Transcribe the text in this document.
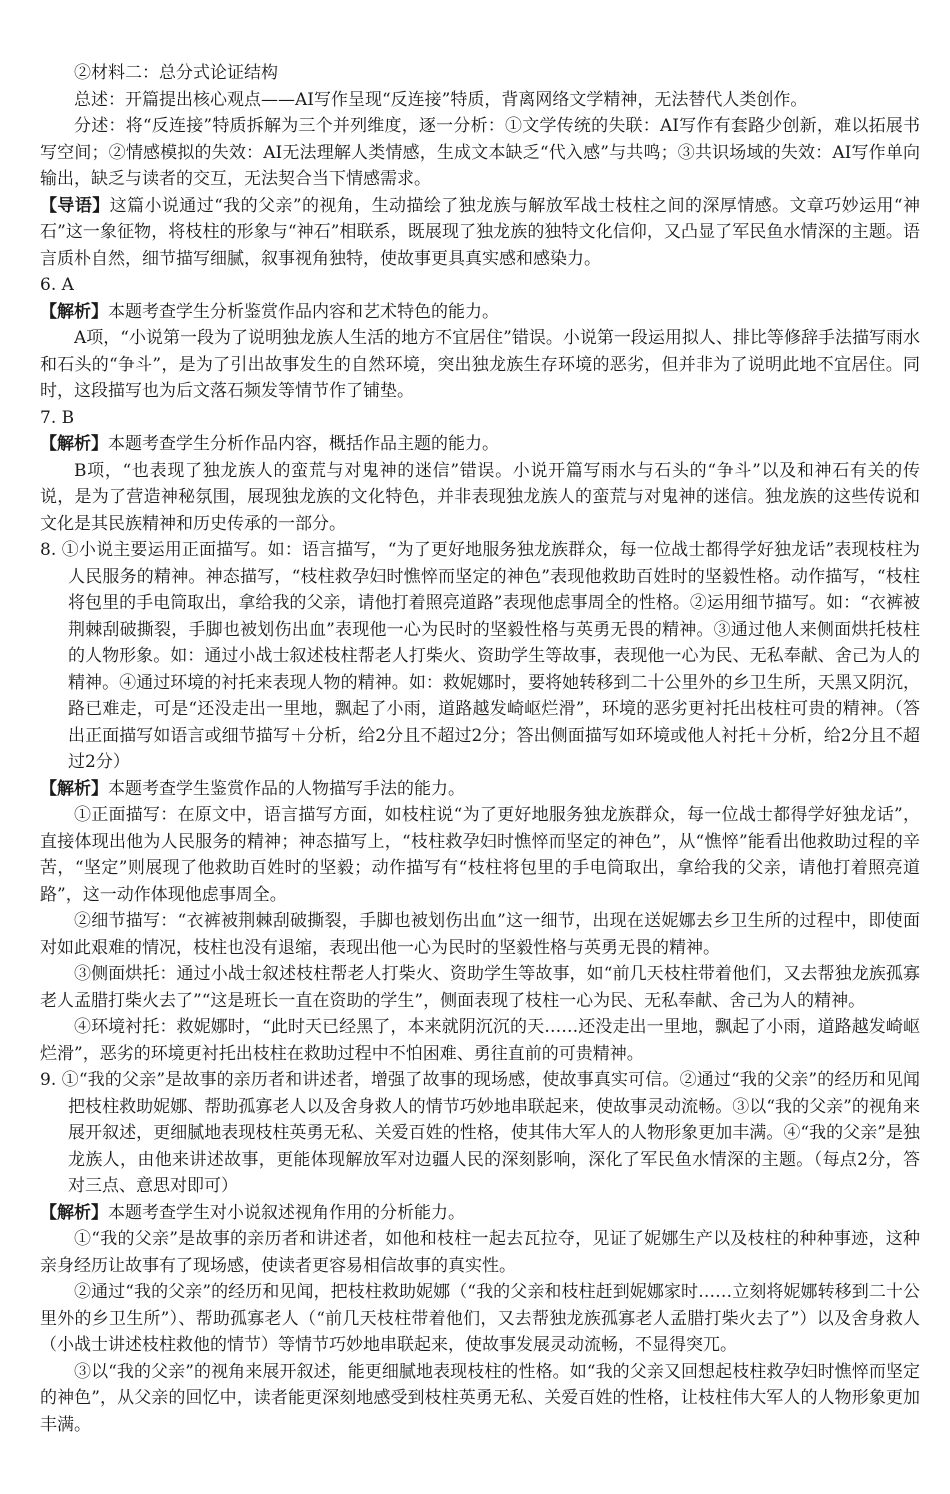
②材料二：总分式论证结构

总述：开篇提出核心观点——AI写作呈现“反连接”特质，背离网络文学精神，无法替代人类创作。

分述：将“反连接”特质拆解为三个并列维度，逐一分析：①文学传统的失联：AI写作有套路少创新，难以拓展书写空间；②情感模拟的失效：AI无法理解人类情感，生成文本缺乏“代入感”与共鸣；③共识场域的失效：AI写作单向输出，缺乏与读者的交互，无法契合当下情感需求。

【导语】这篇小说通过“我的父亲”的视角，生动描绘了独龙族与解放军战士枝柱之间的深厚情感。文章巧妙运用“神石”这一象征物，将枝柱的形象与“神石”相联系，既展现了独龙族的独特文化信仰，又凸显了军民鱼水情深的主题。语言质朴自然，细节描写细腻，叙事视角独特，使故事更具真实感和感染力。

6. A

【解析】本题考查学生分析鉴赏作品内容和艺术特色的能力。

A项，“小说第一段为了说明独龙族人生活的地方不宜居住”错误。小说第一段运用拟人、排比等修辞手法描写雨水和石头的“争斗”，是为了引出故事发生的自然环境，突出独龙族生存环境的恶劣，但并非为了说明此地不宜居住。同时，这段描写也为后文落石频发等情节作了铺垫。

7. B

【解析】本题考查学生分析作品内容，概括作品主题的能力。

B项，“也表现了独龙族人的蛮荒与对鬼神的迷信”错误。小说开篇写雨水与石头的“争斗”以及和神石有关的传说，是为了营造神秘氛围，展现独龙族的文化特色，并非表现独龙族人的蛮荒与对鬼神的迷信。独龙族的这些传说和文化是其民族精神和历史传承的一部分。

8. ①小说主要运用正面描写。如：语言描写，“为了更好地服务独龙族群众，每一位战士都得学好独龙话”表现枝柱为人民服务的精神。神态描写，“枝柱救孕妇时憔悴而坚定的神色”表现他救助百姓时的坚毅性格。动作描写，“枝柱将包里的手电筒取出，拿给我的父亲，请他打着照亮道路”表现他虑事周全的性格。②运用细节描写。如：“衣裤被荆棘刮破撕裂，手脚也被划伤出血”表现他一心为民时的坚毅性格与英勇无畏的精神。③通过他人来侧面烘托枝柱的人物形象。如：通过小战士叙述枝柱帮老人打柴火、资助学生等故事，表现他一心为民、无私奉献、舍己为人的精神。④通过环境的衬托来表现人物的精神。如：救妮娜时，要将她转移到二十公里外的乡卫生所，天黑又阴沉，路已难走，可是“还没走出一里地，飘起了小雨，道路越发崎岖烂滑”，环境的恶劣更衬托出枝柱可贵的精神。（答出正面描写如语言或细节描写＋分析，给2分且不超过2分；答出侧面描写如环境或他人衬托＋分析，给2分且不超过2分）

【解析】本题考查学生鉴赏作品的人物描写手法的能力。

①正面描写：在原文中，语言描写方面，如枝柱说“为了更好地服务独龙族群众，每一位战士都得学好独龙话”，直接体现出他为人民服务的精神；神态描写上，“枝柱救孕妇时憔悴而坚定的神色”，从“憔悴”能看出他救助过程的辛苦，“坚定”则展现了他救助百姓时的坚毅；动作描写有“枝柱将包里的手电筒取出，拿给我的父亲，请他打着照亮道路”，这一动作体现他虑事周全。

②细节描写：“衣裤被荆棘刮破撕裂，手脚也被划伤出血”这一细节，出现在送妮娜去乡卫生所的过程中，即使面对如此艰难的情况，枝柱也没有退缩，表现出他一心为民时的坚毅性格与英勇无畏的精神。

③侧面烘托：通过小战士叙述枝柱帮老人打柴火、资助学生等故事，如“前几天枝柱带着他们，又去帮独龙族孤寡老人孟腊打柴火去了”“这是班长一直在资助的学生”，侧面表现了枝柱一心为民、无私奉献、舍己为人的精神。

④环境衬托：救妮娜时，“此时天已经黑了，本来就阴沉沉的天……还没走出一里地，飘起了小雨，道路越发崎岖烂滑”，恶劣的环境更衬托出枝柱在救助过程中不怕困难、勇往直前的可贵精神。

9. ①“我的父亲”是故事的亲历者和讲述者，增强了故事的现场感，使故事真实可信。②通过“我的父亲”的经历和见闻把枝柱救助妮娜、帮助孤寡老人以及舍身救人的情节巧妙地串联起来，使故事灵动流畅。③以“我的父亲”的视角来展开叙述，更细腻地表现枝柱英勇无私、关爱百姓的性格，使其伟大军人的人物形象更加丰满。④“我的父亲”是独龙族人，由他来讲述故事，更能体现解放军对边疆人民的深刻影响，深化了军民鱼水情深的主题。（每点2分，答对三点、意思对即可）

【解析】本题考查学生对小说叙述视角作用的分析能力。

①“我的父亲”是故事的亲历者和讲述者，如他和枝柱一起去瓦拉夺，见证了妮娜生产以及枝柱的种种事迹，这种亲身经历让故事有了现场感，使读者更容易相信故事的真实性。

②通过“我的父亲”的经历和见闻，把枝柱救助妮娜（“我的父亲和枝柱赶到妮娜家时……立刻将妮娜转移到二十公里外的乡卫生所”）、帮助孤寡老人（“前几天枝柱带着他们，又去帮独龙族孤寡老人孟腊打柴火去了”）以及舍身救人（小战士讲述枝柱救他的情节）等情节巧妙地串联起来，使故事发展灵动流畅，不显得突兀。

③以“我的父亲”的视角来展开叙述，能更细腻地表现枝柱的性格。如“我的父亲又回想起枝柱救孕妇时憔悴而坚定的神色”，从父亲的回忆中，读者能更深刻地感受到枝柱英勇无私、关爱百姓的性格，让枝柱伟大军人的人物形象更加丰满。
